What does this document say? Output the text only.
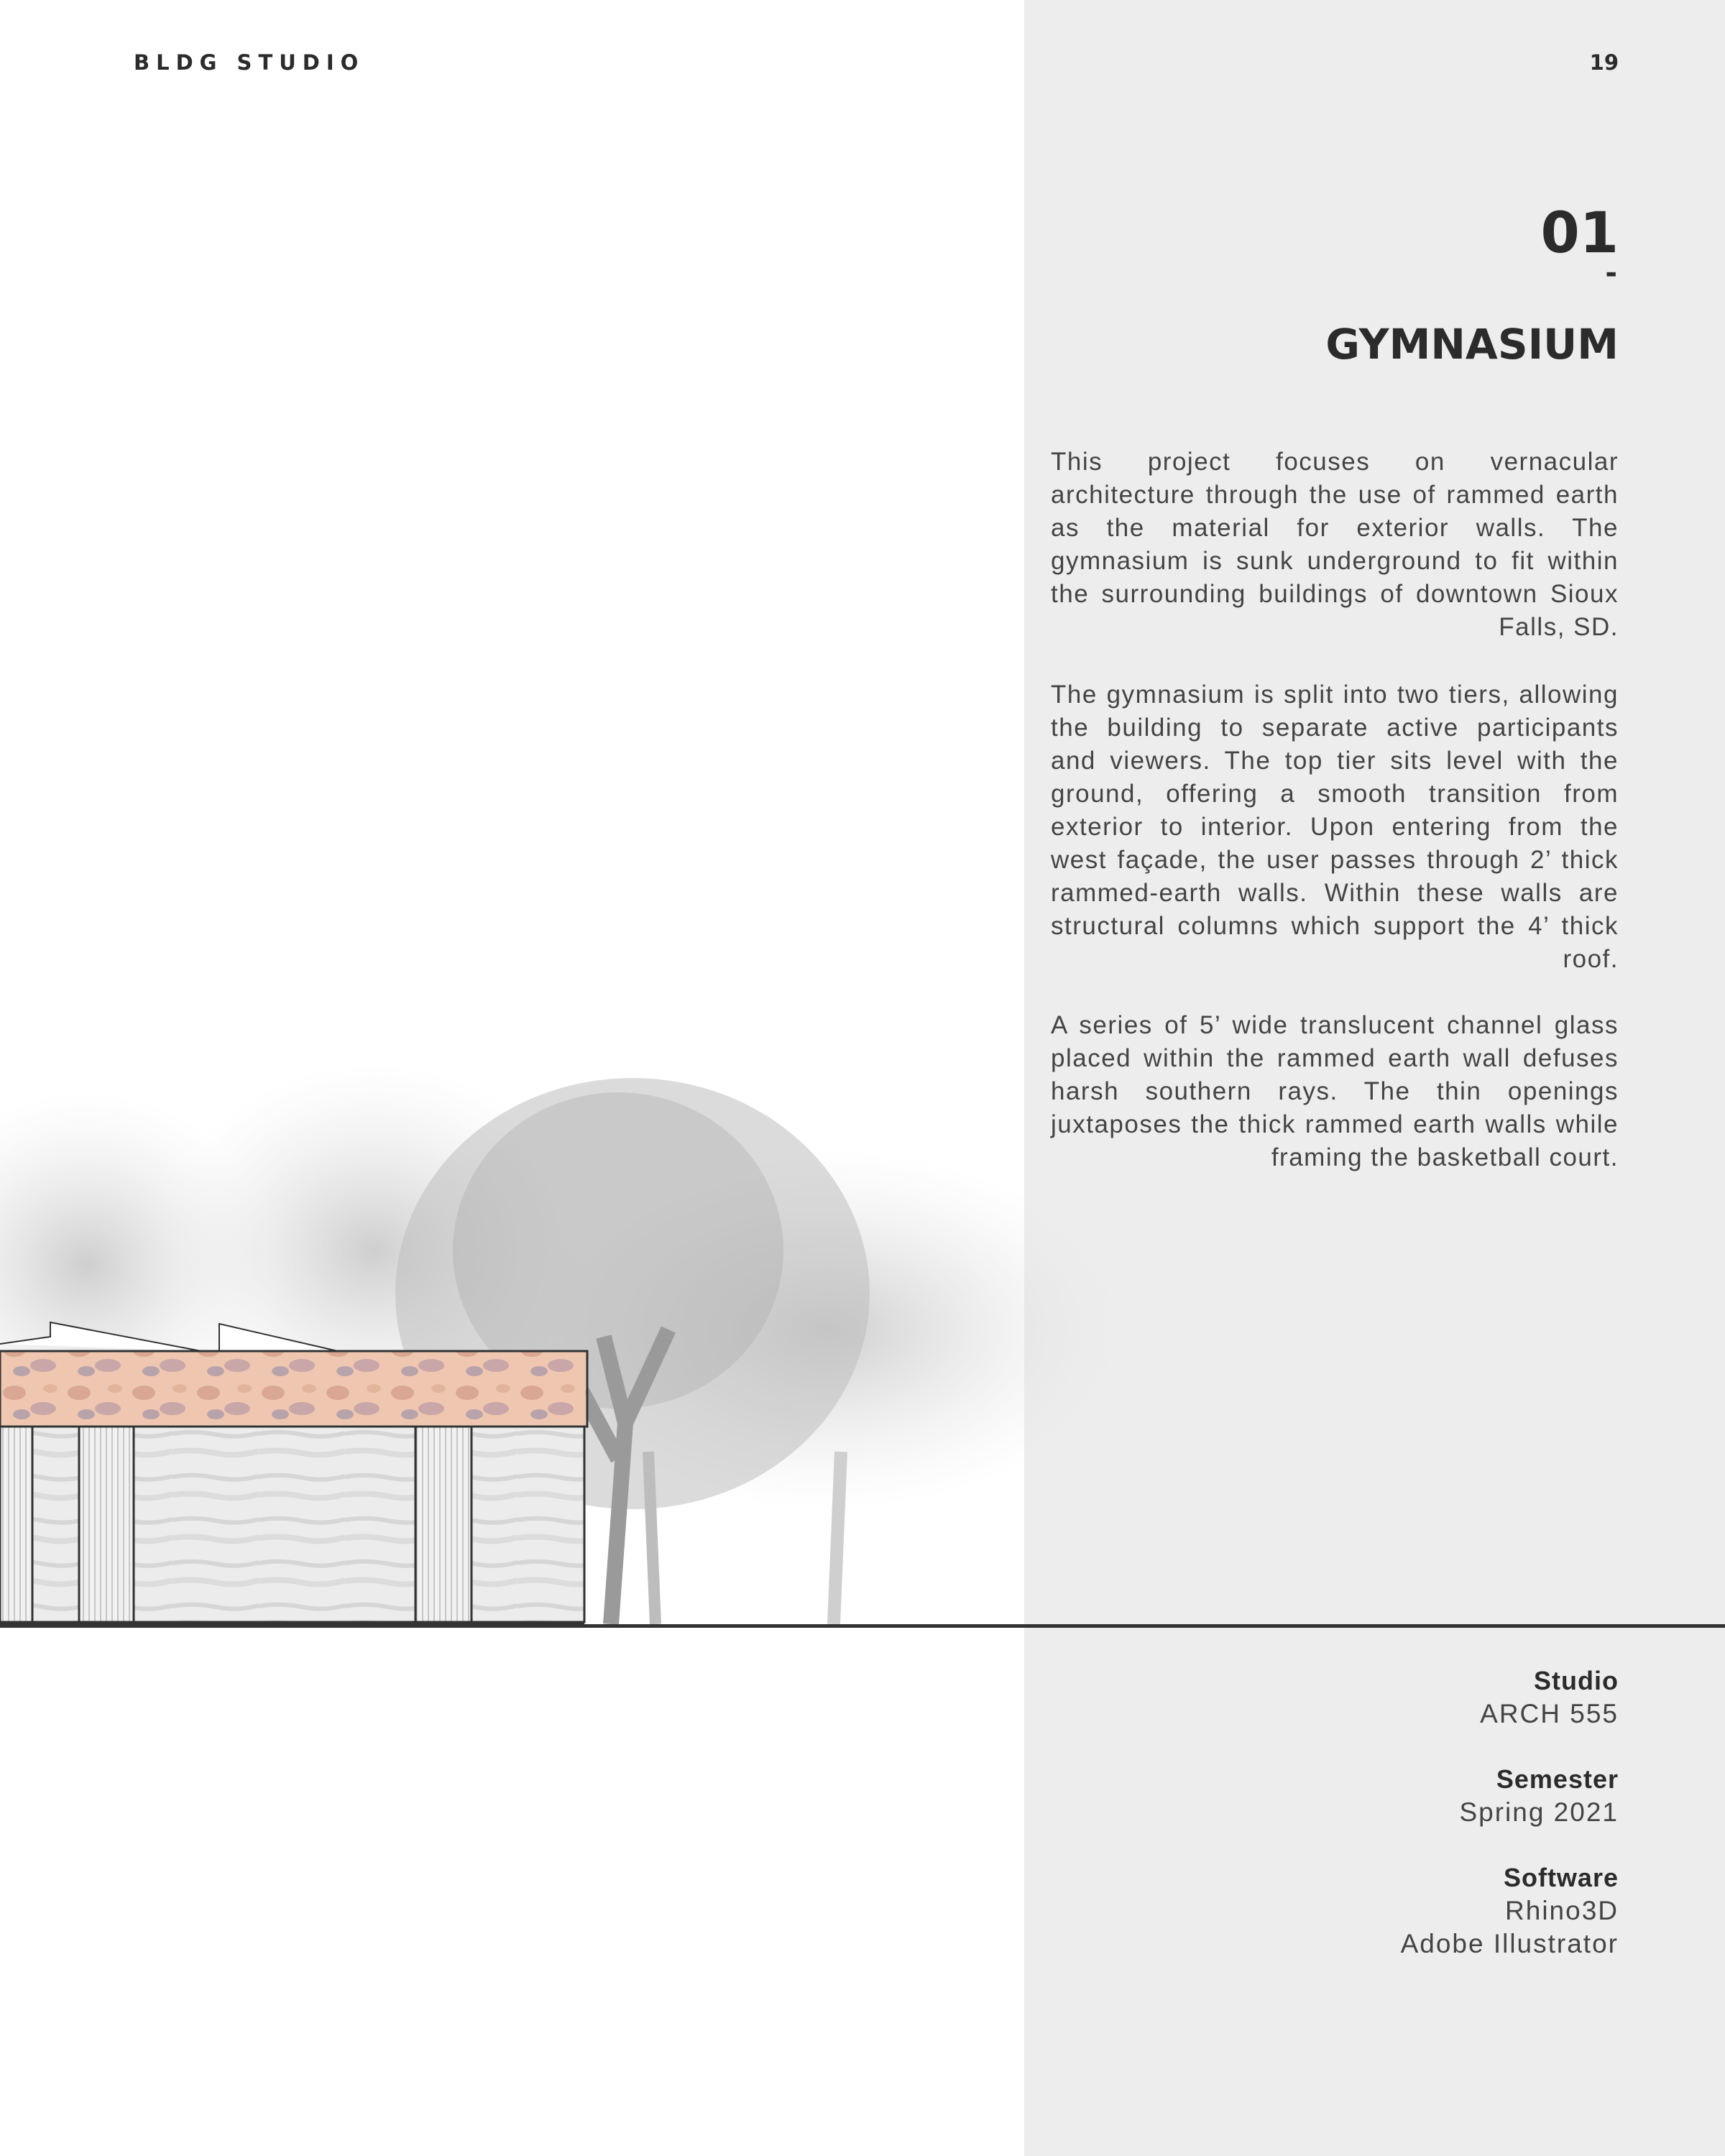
BLDG STUDIO	19
01
-
GYMNASIUM
This project focuses on vernacular architecture through the use of rammed earth as the material for exterior walls. The gymnasium is sunk underground to fit within the surrounding buildings of downtown Sioux Falls, SD.
The gymnasium is split into two tiers, allowing the building to separate active participants and viewers. The top tier sits level with the ground, offering a smooth transition from exterior to interior. Upon entering from the west façade, the user passes through 2’ thick rammed-earth walls. Within these walls are structural columns which support the 4’ thick roof.
A series of 5’ wide translucent channel glass placed within the rammed earth wall defuses harsh southern rays. The thin openings juxtaposes the thick rammed earth walls while framing the basketball court.
Studio
ARCH 555
Semester
Spring 2021
Software
Rhino3D
Adobe Illustrator
